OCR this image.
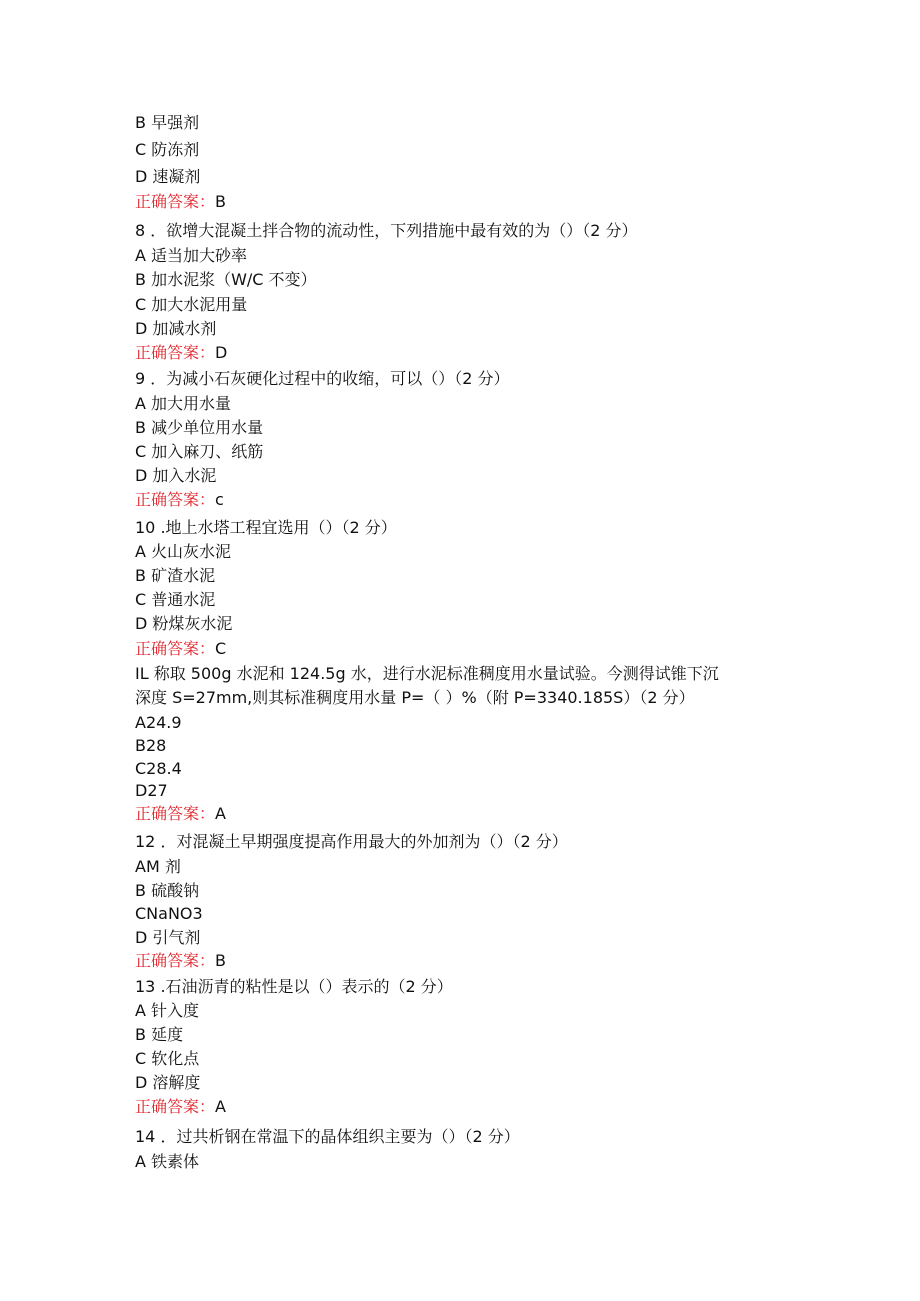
B 早强剂
C 防冻剂
D 速凝剂
正确答案：B
8 ．欲增大混凝土拌合物的流动性，下列措施中最有效的为（）（2 分）
A 适当加大砂率
B 加水泥浆（W/C 不变）
C 加大水泥用量
D 加减水剂
正确答案：D
9 ．为减小石灰硬化过程中的收缩，可以（）（2 分）
A 加大用水量
B 减少单位用水量
C 加入麻刀、纸筋
D 加入水泥
正确答案：c
10 .地上水塔工程宜选用（）（2 分）
A 火山灰水泥
B 矿渣水泥
C 普通水泥
D 粉煤灰水泥
正确答案：C
IL 称取 500g 水泥和 124.5g 水，进行水泥标准稠度用水量试验。今测得试锥下沉
深度 S=27mm,则其标准稠度用水量 P=（ ）%（附 P=3340.185S）（2 分）
A24.9
B28
C28.4
D27
正确答案：A
12 ．对混凝土早期强度提高作用最大的外加剂为（）（2 分）
AM 剂
B 硫酸钠
CNaNO3
D 引气剂
正确答案：B
13 .石油沥青的粘性是以（）表示的（2 分）
A 针入度
B 延度
C 软化点
D 溶解度
正确答案：A
14 ．过共析钢在常温下的晶体组织主要为（）（2 分）
A 铁素体
